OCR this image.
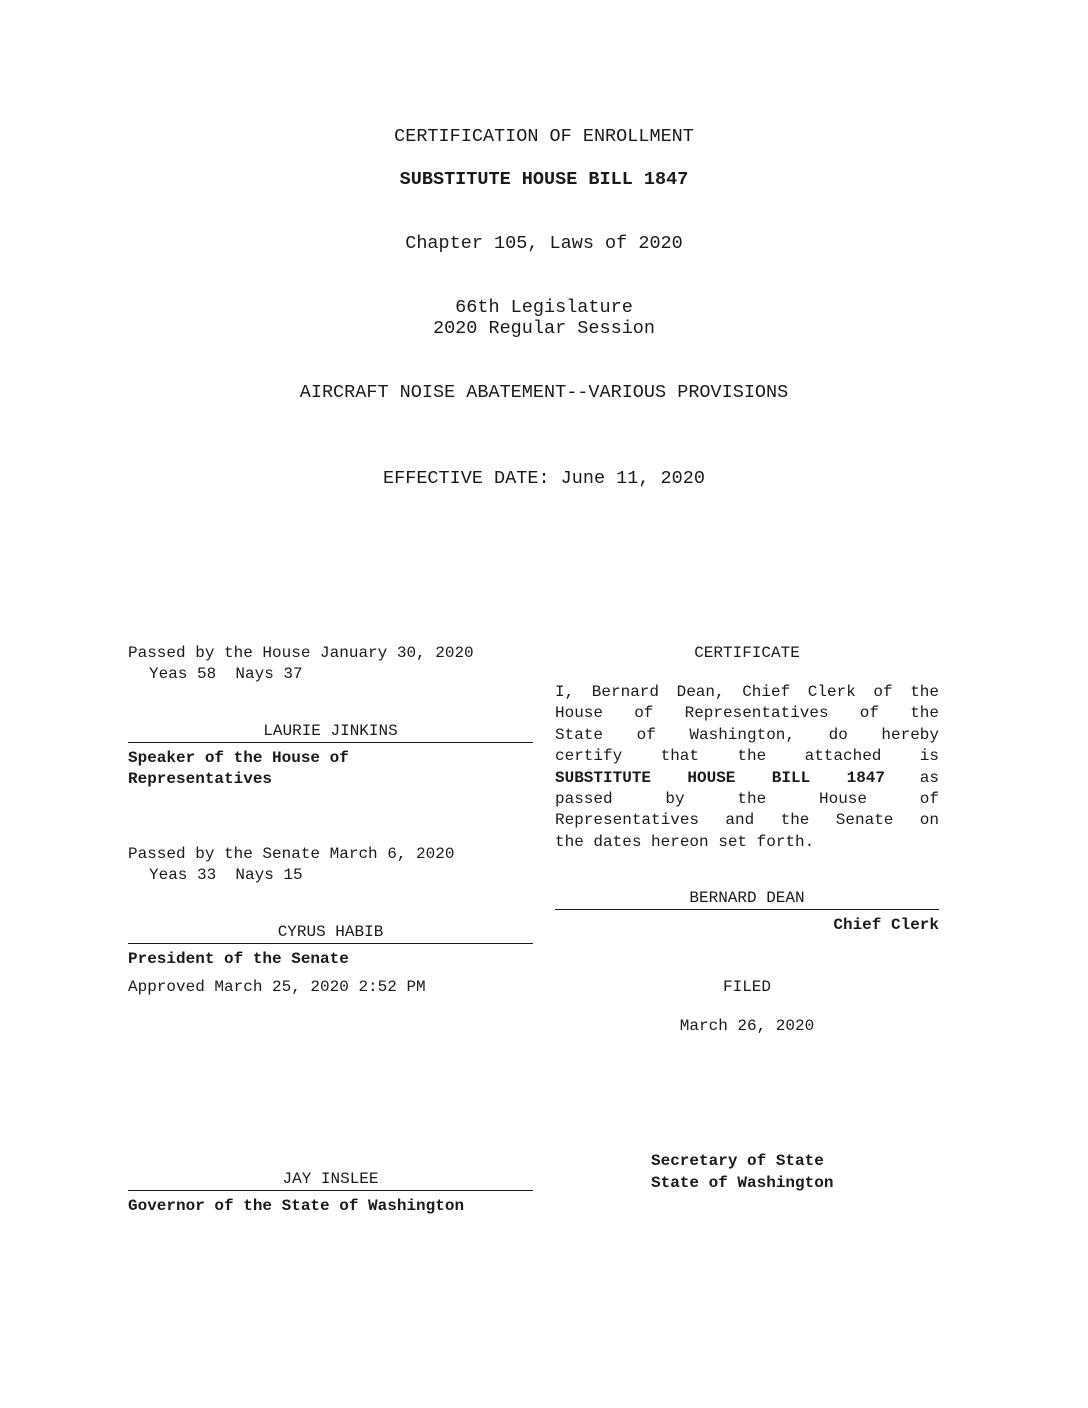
CERTIFICATION OF ENROLLMENT
SUBSTITUTE HOUSE BILL 1847
Chapter 105, Laws of 2020
66th Legislature
2020 Regular Session
AIRCRAFT NOISE ABATEMENT--VARIOUS PROVISIONS
EFFECTIVE DATE: June 11, 2020
Passed by the House January 30, 2020
Yeas 58  Nays 37
LAURIE JINKINS
Speaker of the House of
Representatives
Passed by the Senate March 6, 2020
Yeas 33  Nays 15
CYRUS HABIB
President of the Senate
Approved March 25, 2020 2:52 PM
JAY INSLEE
Governor of the State of Washington
CERTIFICATE
I, Bernard Dean, Chief Clerk of the
House of Representatives of the
State of Washington, do hereby
certify that the attached is
SUBSTITUTE HOUSE BILL 1847 as
passed by the House of
Representatives and the Senate on
the dates hereon set forth.
BERNARD DEAN
Chief Clerk
FILED
March 26, 2020
Secretary of State
State of Washington
